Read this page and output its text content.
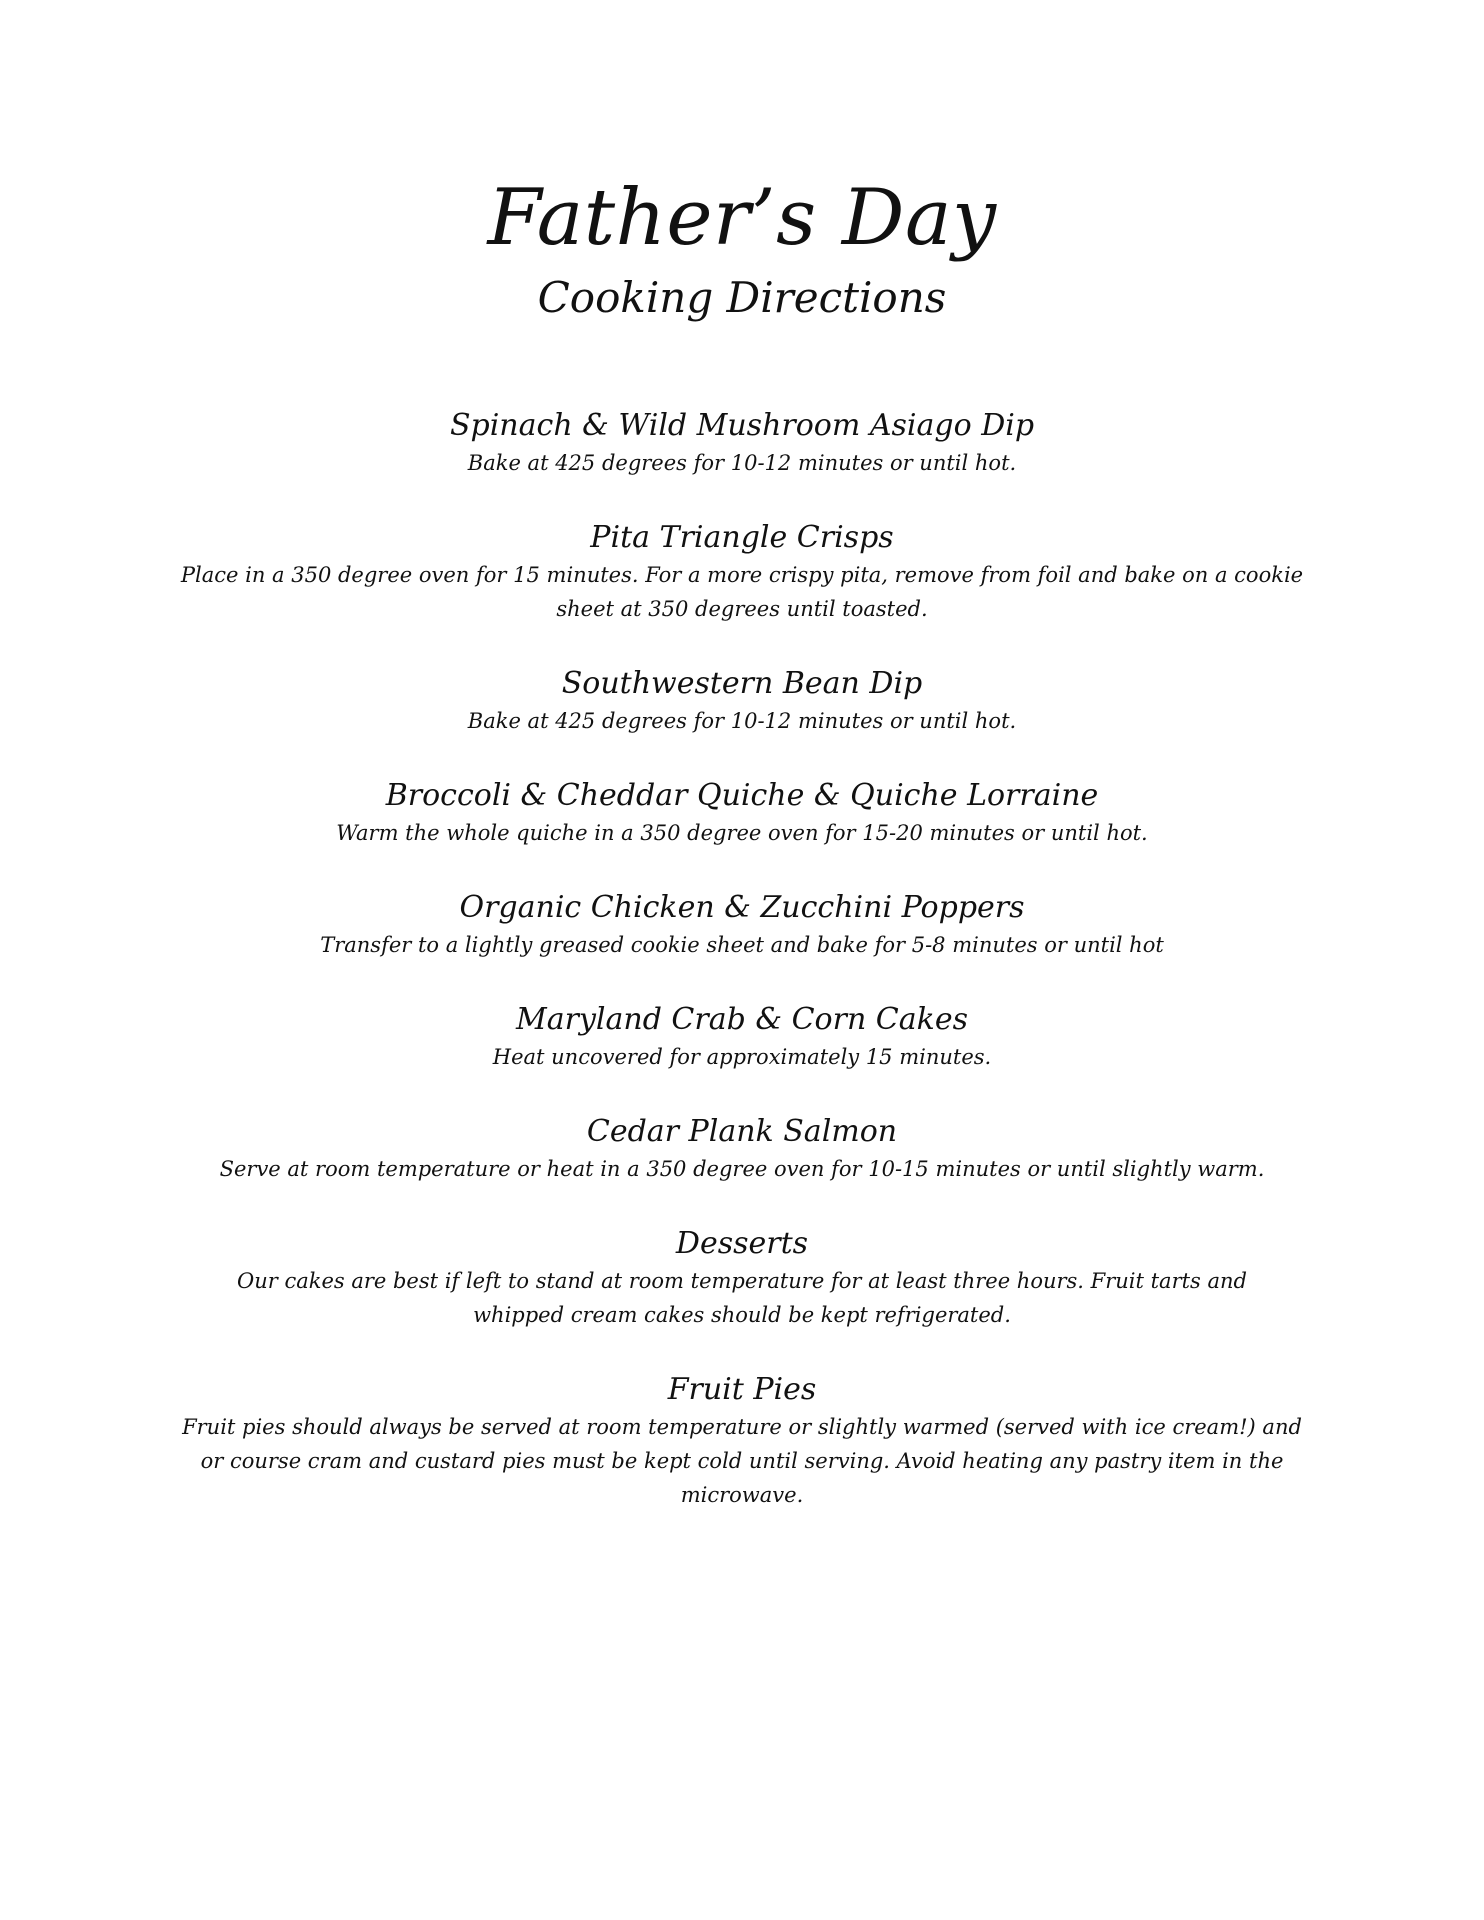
Father’s Day
Cooking Directions
Spinach & Wild Mushroom Asiago Dip

Bake at 425 degrees for 10-12 minutes or until hot.

Pita Triangle Crisps

Place in a 350 degree oven for 15 minutes. For a more crispy pita, remove from foil and bake on a cookie sheet at 350 degrees until toasted.

Southwestern Bean Dip

Bake at 425 degrees for 10-12 minutes or until hot.

Broccoli & Cheddar Quiche & Quiche Lorraine

Warm the whole quiche in a 350 degree oven for 15-20 minutes or until hot.

Organic Chicken & Zucchini Poppers

Transfer to a lightly greased cookie sheet and bake for 5-8 minutes or until hot

Maryland Crab & Corn Cakes

Heat uncovered for approximately 15 minutes.

Cedar Plank Salmon

Serve at room temperature or heat in a 350 degree oven for 10-15 minutes or until slightly warm.

Desserts

Our cakes are best if left to stand at room temperature for at least three hours. Fruit tarts and whipped cream cakes should be kept refrigerated.

Fruit Pies

Fruit pies should always be served at room temperature or slightly warmed (served with ice cream!) and or course cram and custard pies must be kept cold until serving. Avoid heating any pastry item in the microwave.
